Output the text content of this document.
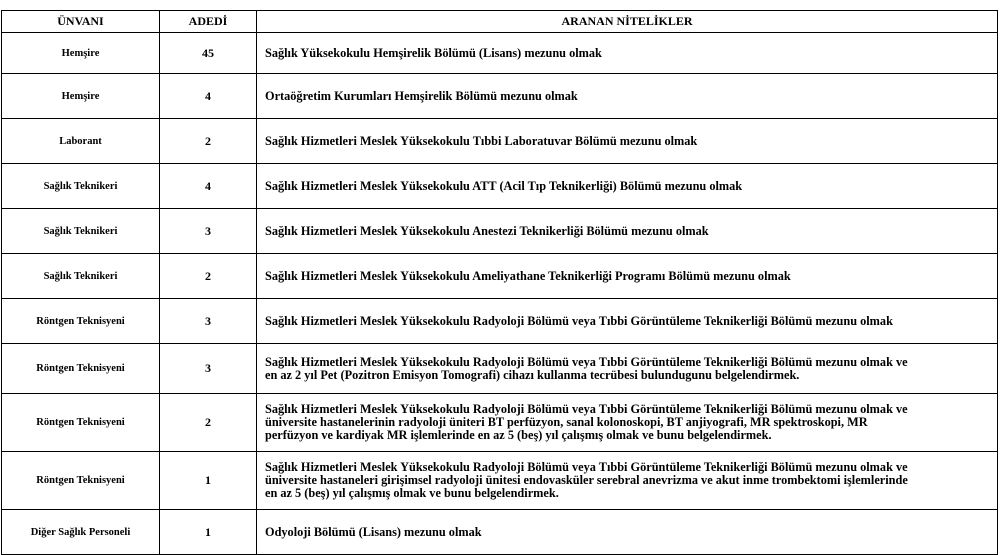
ÜNVANI	ADEDİ	ARANAN NİTELİKLER
Hemşire	45	Sağlık Yüksekokulu Hemşirelik Bölümü (Lisans) mezunu olmak

Hemşire	4	Ortaöğretim Kurumları Hemşirelik Bölümü mezunu olmak

Laborant	2	Sağlık Hizmetleri Meslek Yüksekokulu Tıbbi Laboratuvar Bölümü mezunu olmak

Sağlık Teknikeri	4	Sağlık Hizmetleri Meslek Yüksekokulu ATT (Acil Tıp Teknikerliği) Bölümü mezunu olmak

Sağlık Teknikeri	3	Sağlık Hizmetleri Meslek Yüksekokulu Anestezi Teknikerliği Bölümü mezunu olmak

Sağlık Teknikeri	2	Sağlık Hizmetleri Meslek Yüksekokulu Ameliyathane Teknikerliği Programı Bölümü mezunu olmak

Röntgen Teknisyeni	3	Sağlık Hizmetleri Meslek Yüksekokulu Radyoloji Bölümü veya Tıbbi Görüntüleme Teknikerliği Bölümü mezunu olmak

Röntgen Teknisyeni	3	Sağlık Hizmetleri Meslek Yüksekokulu Radyoloji Bölümü veya Tıbbi Görüntüleme Teknikerliği Bölümü mezunu olmak ve
en az 2 yıl Pet (Pozitron Emisyon Tomografi) cihazı kullanma tecrübesi bulundugunu belgelendirmek.

Röntgen Teknisyeni	2	Sağlık Hizmetleri Meslek Yüksekokulu Radyoloji Bölümü veya Tıbbi Görüntüleme Teknikerliği Bölümü mezunu olmak ve
üniversite hastanelerinin radyoloji üniteri BT perfüzyon, sanal kolonoskopi, BT anjiyografi, MR spektroskopi, MR
perfüzyon ve kardiyak MR işlemlerinde en az 5 (beş) yıl çalışmış olmak ve bunu belgelendirmek.

Röntgen Teknisyeni	1	Sağlık Hizmetleri Meslek Yüksekokulu Radyoloji Bölümü veya Tıbbi Görüntüleme Teknikerliği Bölümü mezunu olmak ve
üniversite hastaneleri girişimsel radyoloji ünitesi endovasküler serebral anevrizma ve akut inme trombektomi işlemlerinde
en az 5 (beş) yıl çalışmış olmak ve bunu belgelendirmek.

Diğer Sağlık Personeli	1	Odyoloji Bölümü (Lisans) mezunu olmak
